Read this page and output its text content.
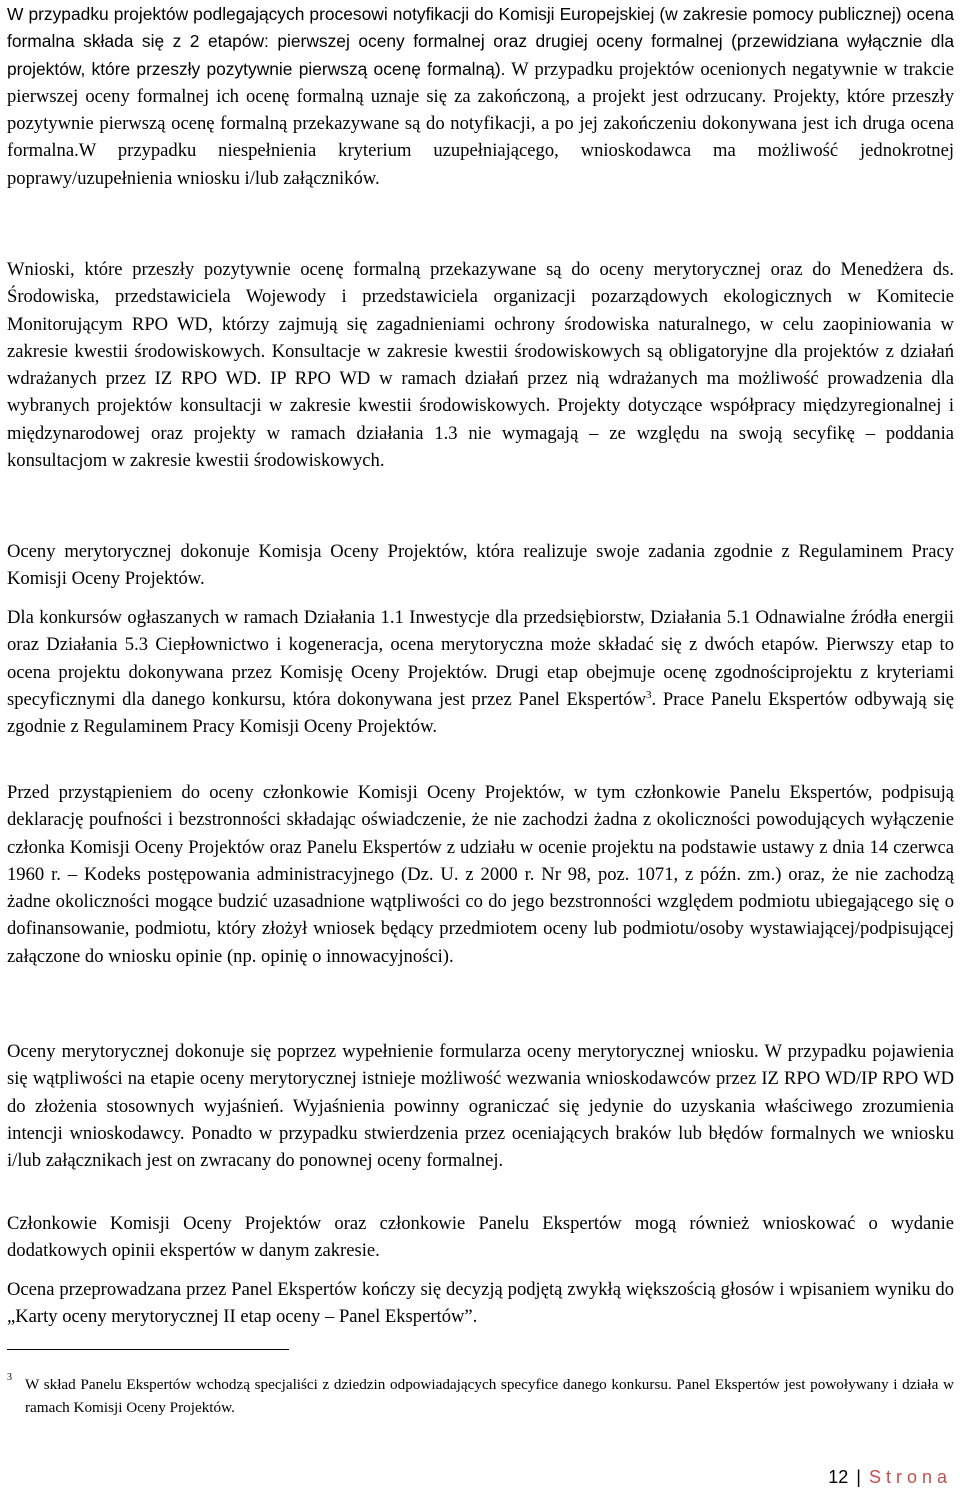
W przypadku projektów podlegających procesowi notyfikacji do Komisji Europejskiej (w zakresie pomocy publicznej) ocena formalna składa się z 2 etapów: pierwszej oceny formalnej oraz drugiej oceny formalnej (przewidziana wyłącznie dla projektów, które przeszły pozytywnie pierwszą ocenę formalną). W przypadku projektów ocenionych negatywnie w trakcie pierwszej oceny formalnej ich ocenę formalną uznaje się za zakończoną, a projekt jest odrzucany. Projekty, które przeszły pozytywnie pierwszą ocenę formalną przekazywane są do notyfikacji, a po jej zakończeniu dokonywana jest ich druga ocena formalna.W przypadku niespełnienia kryterium uzupełniającego, wnioskodawca ma możliwość jednokrotnej poprawy/uzupełnienia wniosku i/lub załączników.
Wnioski, które przeszły pozytywnie ocenę formalną przekazywane są do oceny merytorycznej oraz do Menedżera ds. Środowiska, przedstawiciela Wojewody i przedstawiciela organizacji pozarządowych ekologicznych w Komitecie Monitorującym RPO WD, którzy zajmują się zagadnieniami ochrony środowiska naturalnego, w celu zaopiniowania w zakresie kwestii środowiskowych. Konsultacje w zakresie kwestii środowiskowych są obligatoryjne dla projektów z działań wdrażanych przez IZ RPO WD. IP RPO WD w ramach działań przez nią wdrażanych ma możliwość prowadzenia dla wybranych projektów konsultacji w zakresie kwestii środowiskowych. Projekty dotyczące współpracy międzyregionalnej i międzynarodowej oraz projekty w ramach działania 1.3 nie wymagają – ze względu na swoją secyfikę – poddania konsultacjom w zakresie kwestii środowiskowych.
Oceny merytorycznej dokonuje Komisja Oceny Projektów, która realizuje swoje zadania zgodnie z Regulaminem Pracy Komisji Oceny Projektów.
Dla konkursów ogłaszanych w ramach Działania 1.1 Inwestycje dla przedsiębiorstw, Działania 5.1 Odnawialne źródła energii oraz Działania 5.3 Ciepłownictwo i kogeneracja, ocena merytoryczna może składać się z dwóch etapów. Pierwszy etap to ocena projektu dokonywana przez Komisję Oceny Projektów. Drugi etap obejmuje ocenę zgodnościprojektu z kryteriami specyficznymi dla danego konkursu, która dokonywana jest przez Panel Ekspertów$^3$. Prace Panelu Ekspertów odbywają się zgodnie z Regulaminem Pracy Komisji Oceny Projektów.
Przed przystąpieniem do oceny członkowie Komisji Oceny Projektów, w tym członkowie Panelu Ekspertów, podpisują deklarację poufności i bezstronności składając oświadczenie, że nie zachodzi żadna z okoliczności powodujących wyłączenie członka Komisji Oceny Projektów oraz Panelu Ekspertów z udziału w ocenie projektu na podstawie ustawy z dnia 14 czerwca 1960 r. – Kodeks postępowania administracyjnego (Dz. U. z 2000 r. Nr 98, poz. 1071, z późn. zm.) oraz, że nie zachodzą żadne okoliczności mogące budzić uzasadnione wątpliwości co do jego bezstronności względem podmiotu ubiegającego się o dofinansowanie, podmiotu, który złożył wniosek będący przedmiotem oceny lub podmiotu/osoby wystawiającej/podpisującej załączone do wniosku opinie (np. opinię o innowacyjności).
Oceny merytorycznej dokonuje się poprzez wypełnienie formularza oceny merytorycznej wniosku. W przypadku pojawienia się wątpliwości na etapie oceny merytorycznej istnieje możliwość wezwania wnioskodawców przez IZ RPO WD/IP RPO WD do złożenia stosownych wyjaśnień. Wyjaśnienia powinny ograniczać się jedynie do uzyskania właściwego zrozumienia intencji wnioskodawcy. Ponadto w przypadku stwierdzenia przez oceniających braków lub błędów formalnych we wniosku i/lub załącznikach jest on zwracany do ponownej oceny formalnej.
Członkowie Komisji Oceny Projektów oraz członkowie Panelu Ekspertów mogą również wnioskować o wydanie dodatkowych opinii ekspertów w danym zakresie.
Ocena przeprowadzana przez Panel Ekspertów kończy się decyzją podjętą zwykłą większością głosów i wpisaniem wyniku do „Karty oceny merytorycznej II etap oceny – Panel Ekspertów”.
3 W skład Panelu Ekspertów wchodzą specjaliści z dziedzin odpowiadających specyfice danego konkursu. Panel Ekspertów jest powoływany i działa w ramach Komisji Oceny Projektów.
12 | Strona
